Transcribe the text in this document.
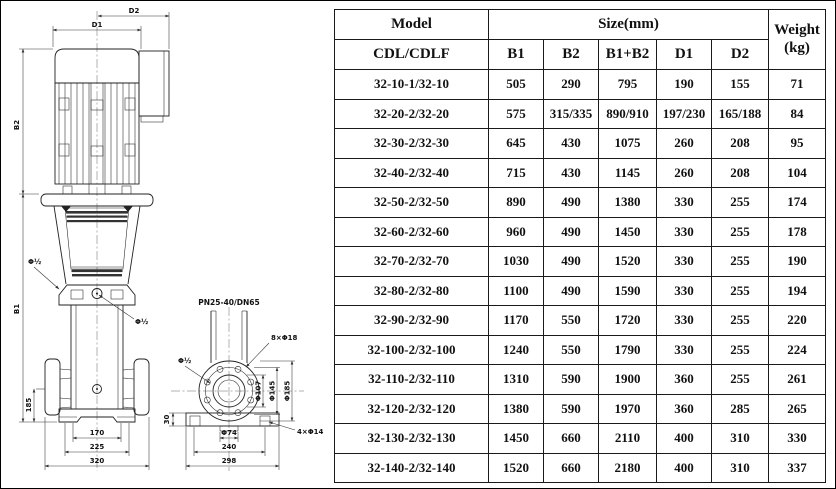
D2
D1
B2
B1
185
170
225
320
Φ½
Φ½
PN25-40/DN65
8×Φ18
Φ½
Φ107 Φ145 Φ185
30
4×Φ14
Φ74
240
298
Model	Size(mm)					Weight
(kg)
CDL/CDLF	B1	B2	B1+B2	D1	D2	
32-10-1/32-10	505	290	795	190	155	71
32-20-2/32-20	575	315/335	890/910	197/230	165/188	84
32-30-2/32-30	645	430	1075	260	208	95
32-40-2/32-40	715	430	1145	260	208	104
32-50-2/32-50	890	490	1380	330	255	174
32-60-2/32-60	960	490	1450	330	255	178
32-70-2/32-70	1030	490	1520	330	255	190
32-80-2/32-80	1100	490	1590	330	255	194
32-90-2/32-90	1170	550	1720	330	255	220
32-100-2/32-100	1240	550	1790	330	255	224
32-110-2/32-110	1310	590	1900	360	255	261
32-120-2/32-120	1380	590	1970	360	285	265
32-130-2/32-130	1450	660	2110	400	310	330
32-140-2/32-140	1520	660	2180	400	310	337
